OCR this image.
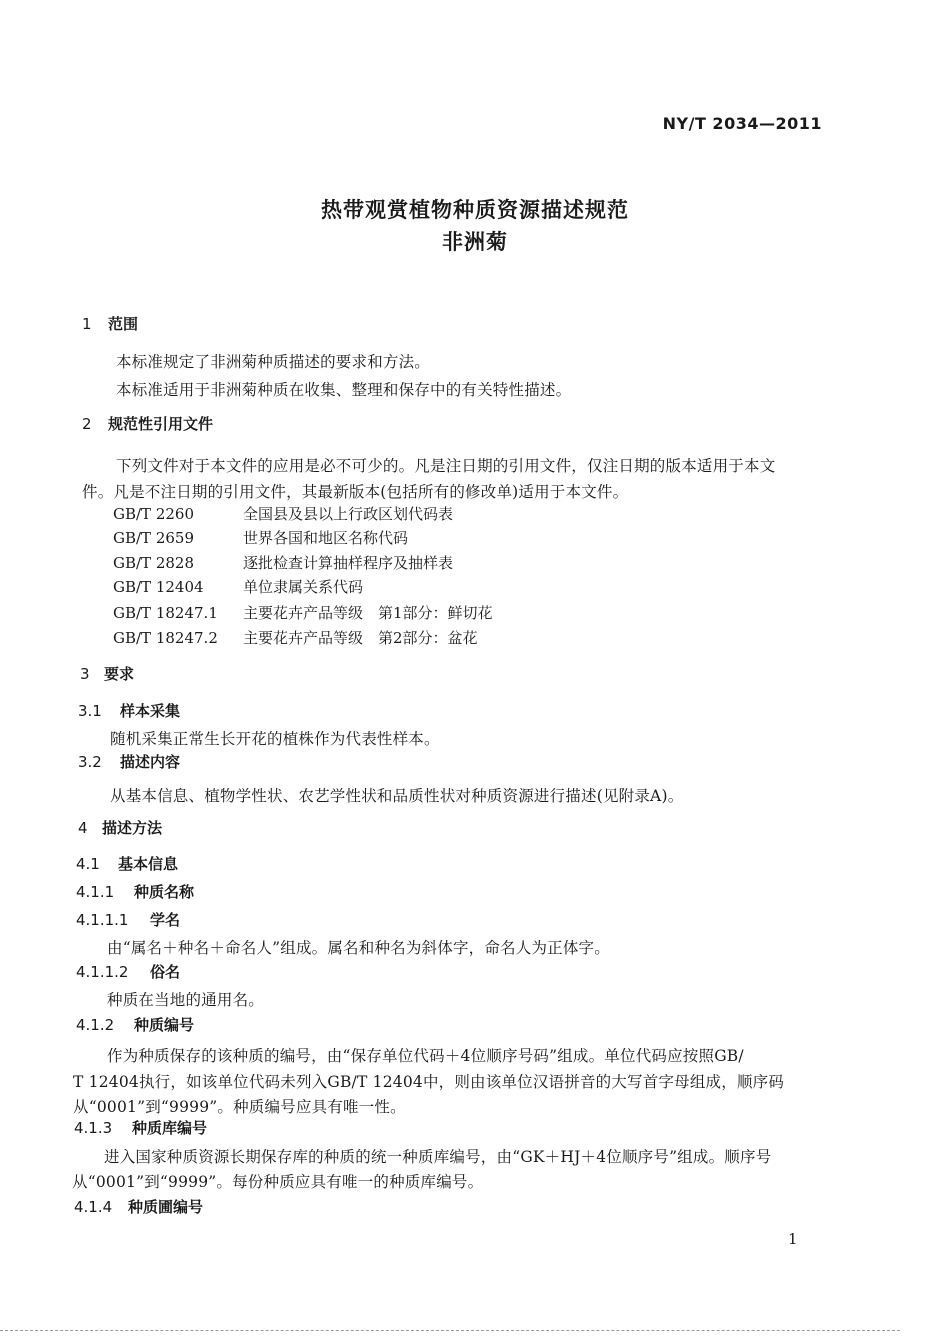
NY/T 2034—2011
热带观赏植物种质资源描述规范
非洲菊
1 范围
本标准规定了非洲菊种质描述的要求和方法。
本标准适用于非洲菊种质在收集、整理和保存中的有关特性描述。
2 规范性引用文件
下列文件对于本文件的应用是必不可少的。凡是注日期的引用文件，仅注日期的版本适用于本文
件。凡是不注日期的引用文件，其最新版本(包括所有的修改单)适用于本文件。
GB/T 2260	全国县及县以上行政区划代码表
GB/T 2659	世界各国和地区名称代码
GB/T 2828	逐批检查计算抽样程序及抽样表
GB/T 12404	单位隶属关系代码
GB/T 18247.1 主要花卉产品等级　第1部分：鲜切花
GB/T 18247.2 主要花卉产品等级　第2部分：盆花
3 要求
3.1 样本采集
随机采集正常生长开花的植株作为代表性样本。
3.2 描述内容
从基本信息、植物学性状、农艺学性状和品质性状对种质资源进行描述(见附录A)。
4 描述方法
4.1 基本信息
4.1.1 种质名称
4.1.1.1 学名
由“属名＋种名＋命名人”组成。属名和种名为斜体字，命名人为正体字。
4.1.1.2 俗名
种质在当地的通用名。
4.1.2 种质编号
作为种质保存的该种质的编号，由“保存单位代码＋4位顺序号码”组成。单位代码应按照GB/
T 12404执行，如该单位代码未列入GB/T 12404中，则由该单位汉语拼音的大写首字母组成，顺序码
从“0001”到“9999”。种质编号应具有唯一性。
4.1.3 种质库编号
进入国家种质资源长期保存库的种质的统一种质库编号，由“GK＋HJ＋4位顺序号”组成。顺序号
从“0001”到“9999”。每份种质应具有唯一的种质库编号。
4.1.4 种质圃编号
1
